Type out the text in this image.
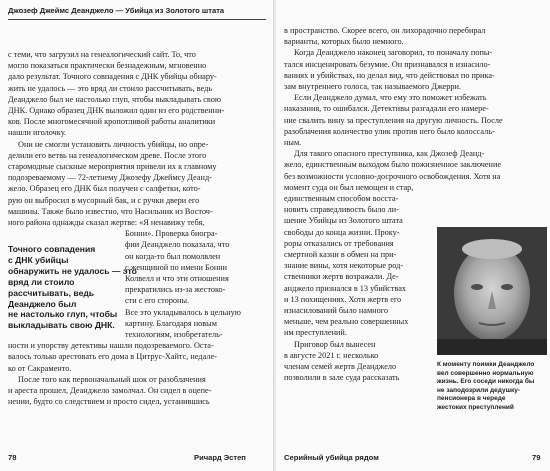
Джозеф Джеймс Деанджело — Убийца из Золотого штата
с теми, что загрузил на генеалогический сайт. То, что
могло показаться практически безнадежным, мгновенно
дало результат. Точного совпадения с ДНК убийцы обнару-
жить не удалось — это вряд ли стоило рассчитывать, ведь
Деанджело был не настолько глуп, чтобы выкладывать свою
ДНК. Однако образец ДНК выложил один из его родственни-
ков. После многомесячной кропотливой работы аналитики
нашли иголочку.
Они не смогли установить личность убийцы, но опре-
делили его ветвь на генеалогическом древе. После этого
старомодные сыскные мероприятия привели их к главному
подозреваемому — 72-летнему Джозефу Джеймсу Деанд-
жело. Образец его ДНК был получен с салфетки, кото-
рую он выбросил в мусорный бак, и с ручки двери его
машины. Также было известно, что Насильник из Восточ-
ного района однажды сказал жертве: «Я ненавижу тебя,
Бонни». Проверка биогра-
фии Деанджело показала, что
он когда-то был помолвлен
с женщиной по имени Бонни
Колвелл и что эти отношения
прекратились из-за жестоко-
сти с его стороны.
Все это укладывалось в цельную
картину. Благодаря новым
технологиям, изобретатель-
ности и упорству детективы нашли подозреваемого. Оста-
валось только арестовать его дома в Цитрус-Хайтс, недале-
ко от Сакраменто.
После того как первоначальный шок от разоблачения
и ареста прошел, Деанджело замолчал. Он сидел в оцепе-
нении, будто со следствием и просто сидел, устанившись
Точного совпадения
с ДНК убийцы
обнаружить не удалось — это
вряд ли стоило
рассчитывать, ведь
Деанджело был
не настолько глуп, чтобы
выкладывать свою ДНК.
78	Ричард Эстеп
в пространство. Скорее всего, он лихорадочно перебирал
варианты, которых было немного.
Когда Деанджело наконец заговорил, то поначалу попы-
тался инсценировать безумие. Он признавался в изнасило-
ваниях и убийствах, но делал вид, что действовал по прика-
зам внутреннего голоса, так называемого Джерри.
Если Деанджело думал, что ему это поможет избежать
наказания, то ошибался. Детективы разгадали его намере-
ние свалить вину за преступления на другую личность. После
разоблачения количество улик против него было колоссаль-
ным.
Для такого опасного преступника, как Джозеф Деанд-
жело, единственным выходом было пожизненное заключение
без возможности условно-досрочного освобождения. Хотя на
момент суда он был немощен и стар,
единственным способом восста-
новить справедливость было ли-
шение Убийцы из Золотого штата
свободы до конца жизни. Проку-
роры отказались от требования
смертной казни в обмен на при-
знание вины, хотя некоторые род-
ственники жертв возражали. Де-
анджело признался в 13 убийствах
и 13 похищениях. Хотя жертв его
изнасилований было намного
меньше, чем реально совершенных
им преступлений.
Приговор был вынесен
в августе 2021 г. несколько
членам семей жертв Деанджело
позволили в зале суда рассказать
К моменту поимки Деанджело
вел совершенно нормальную
жизнь. Его соседи никогда бы
не заподозрили дедушку-
пенсионера в череде
жестоких преступлений
Серийный убийца рядом	79
